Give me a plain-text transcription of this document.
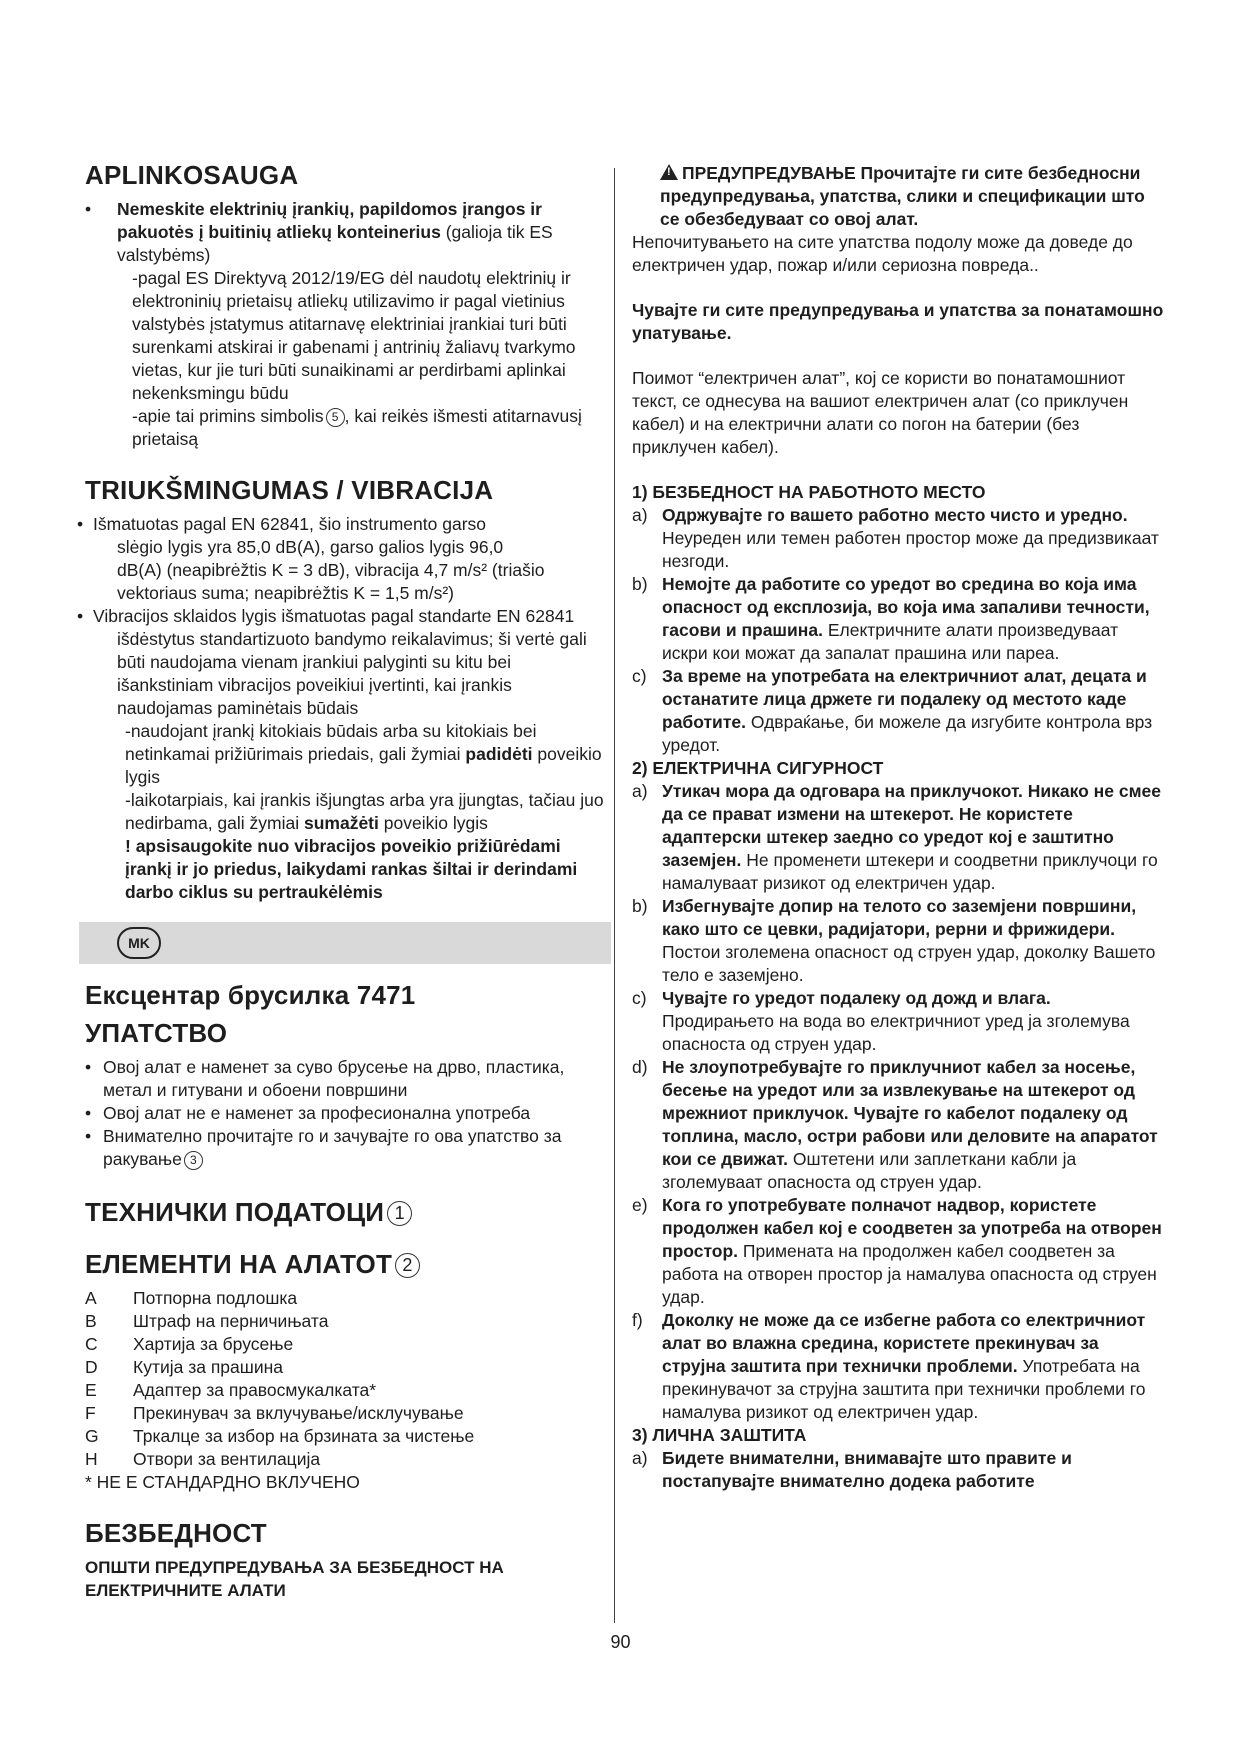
APLINKOSAUGA
• Nemeskite elektrinių įrankių, papildomos įrangos ir pakuotės į buitinių atliekų konteinerius (galioja tik ES valstybėms)
-pagal ES Direktyvą 2012/19/EG dėl naudotų elektrinių ir elektroninių prietaisų atliekų utilizavimo ir pagal vietinius valstybės įstatymus atitarnavę elektriniai įrankiai turi būti surenkami atskirai ir gabenami į antrinių žaliavų tvarkymo vietas, kur jie turi būti sunaikinami ar perdirbami aplinkai nekenksmingu būdu
-apie tai primins simbolis 5 , kai reikės išmesti atitarnavusį prietaisą
TRIUKŠMINGUMAS / VIBRACIJA
• Išmatuotas pagal EN 62841, šio instrumento garso
slėgio lygis yra 85,0 dB(A), garso galios lygis 96,0
dB(A) (neapibrėžtis K = 3 dB), vibracija 4,7 m/s² (triašio
vektoriaus suma; neapibrėžtis K = 1,5 m/s²)
• Vibracijos sklaidos lygis išmatuotas pagal standarte EN 62841 išdėstytus standartizuoto bandymo reikalavimus; ši vertė gali būti naudojama vienam įrankiui palyginti su kitu bei išankstiniam vibracijos poveikiui įvertinti, kai įrankis naudojamas paminėtais būdais
-naudojant įrankį kitokiais būdais arba su kitokiais bei netinkamai prižiūrimais priedais, gali žymiai padidėti poveikio lygis
-laikotarpiais, kai įrankis išjungtas arba yra įjungtas, tačiau juo nedirbama, gali žymiai sumažėti poveikio lygis
! apsisaugokite nuo vibracijos poveikio prižiūrėdami įrankį ir jo priedus, laikydami rankas šiltai ir derindami darbo ciklus su pertraukėlėmis
MK
Ексцентар брусилка 7471
УПАТСТВО
• Овој алат е наменет за суво брусење на дрво, пластика, метал и гитувани и обоени површини
• Овој алат не е наменет за професионална употреба
• Внимателно прочитајте го и зачувајте го ова упатство за ракување 3
ТЕХНИЧКИ ПОДАТОЦИ 1
ЕЛЕМЕНТИ НА АЛАТОТ 2
A	Потпорна подлошка
B	Штраф на перничињата
C	Хартија за брусење
D	Кутија за прашина
E	Адаптер за правосмукалката*
F	Прекинувач за вклучување/исклучување
G	Тркалце за избор на брзината за чистење
H	Отвори за вентилација
* НЕ Е СТАНДАРДНО ВКЛУЧЕНО
БЕЗБЕДНОСТ
ОПШТИ ПРЕДУПРЕДУВАЊА ЗА БЕЗБЕДНОСТ НА ЕЛЕКТРИЧНИТЕ АЛАТИ
!ПРЕДУПРЕДУВАЊЕ Прочитајте ги сите безбедносни предупредувања, упатства, слики и спецификации што се обезбедуваат со овој алат.
Непочитувањето на сите упатства подолу може да доведе до електричен удар, пожар и/или сериозна повреда..
Чувајте ги сите предупредувања и упатства за понатамошно упатување.
Поимот “електричен алат”, кој се користи во понатамошниот текст, се однесува на вашиот електричен алат (со приклучен кабел) и на електрични алати со погон на батерии (без приклучен кабел).
1) БЕЗБЕДНОСТ НА РАБОТНОТО МЕСТО
a) Одржувајте го вашето работно место чисто и уредно. Неуреден или темен работен простор може да предизвикаат незгоди.
b) Немојте да работите со уредот во средина во која има опасност од експлозија, во која има запаливи течности, гасови и прашина. Електричните алати произведуваат искри кои можат да запалат прашина или пареа.
c) За време на употребата на електричниот алат, децата и останатите лица држете ги подалеку од местото каде работите. Одвраќање, би можеле да изгубите контрола врз уредот.
2) ЕЛЕКТРИЧНА СИГУРНОСТ
a) Утикач мора да одговара на приклучокот. Никако не смее да се прават измени на штекерот. Не користете адаптерски штекер заедно со уредот кој е заштитно заземјен. Не променети штекери и соодветни приклучоци го намалуваат ризикот од електричен удар.
b) Избегнувајте допир на телото со заземјени површини, како што се цевки, радијатори, рерни и фрижидери. Постои зголемена опасност од струен удар, доколку Вашето тело е заземјено.
c) Чувајте го уредот подалеку од дожд и влага. Продирањето на вода во електричниот уред ја зголемува опасноста од струен удар.
d) Не злоупотребувајте го приклучниот кабел за носење, бесење на уредот или за извлекување на штекерот од мрежниот приклучок. Чувајте го кабелот подалеку од топлина, масло, остри рабови или деловите на апаратот кои се движат. Оштетени или заплеткани кабли ја зголемуваат опасноста од струен удар.
e) Кога го употребувате полначот надвор, користете продолжен кабел кој е соодветен за употреба на отворен простор. Примената на продолжен кабел соодветен за работа на отворен простор ја намалува опасноста од струен удар.
f) Доколку не може да се избегне работа со електричниот алат во влажна средина, користете прекинувач за струјна заштита при технички проблеми. Употребата на прекинувачот за струјна заштита при технички проблеми го намалува ризикот од електричен удар.
3) ЛИЧНА ЗАШТИТА
a) Бидете внимателни, внимавајте што правите и постапувајте внимателно додека работите
90
